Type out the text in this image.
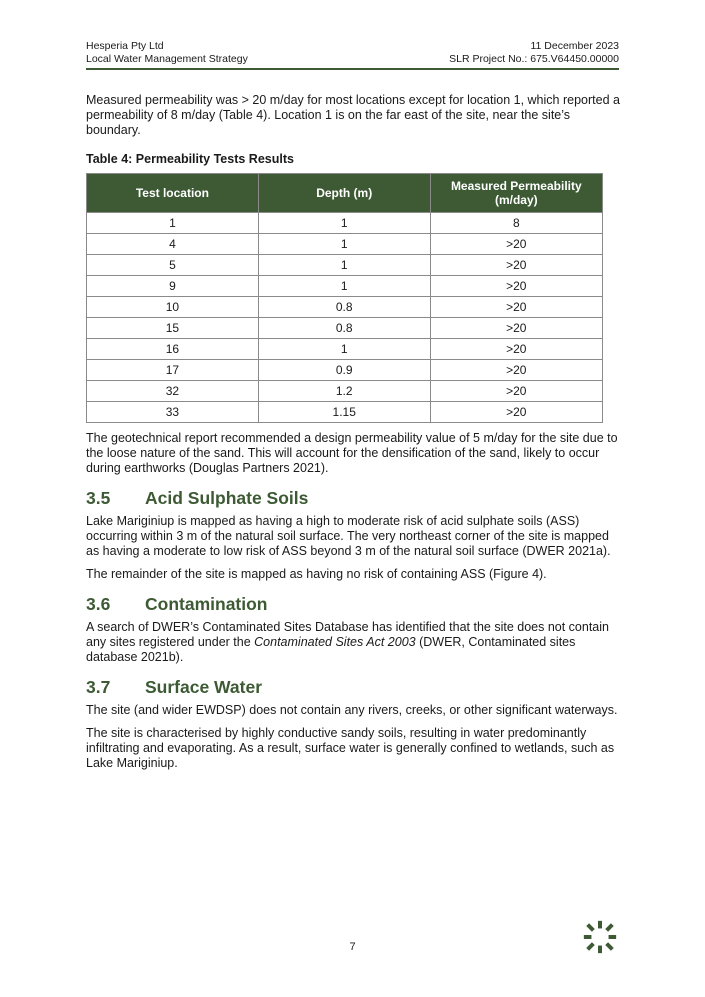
Hesperia Pty Ltd	11 December 2023
Local Water Management Strategy	SLR Project No.: 675.V64450.00000

Measured permeability was > 20 m/day for most locations except for location 1, which reported a permeability of 8 m/day (Table 4). Location 1 is on the far east of the site, near the site’s boundary.

Table 4: Permeability Tests Results
Test location	Depth (m)	Measured Permeability (m/day)
1	1	8
4	1	>20
5	1	>20
9	1	>20
10	0.8	>20
15	0.8	>20
16	1	>20
17	0.9	>20
32	1.2	>20
33	1.15	>20

The geotechnical report recommended a design permeability value of 5 m/day for the site due to the loose nature of the sand. This will account for the densification of the sand, likely to occur during earthworks (Douglas Partners 2021).

3.5	Acid Sulphate Soils

Lake Mariginiup is mapped as having a high to moderate risk of acid sulphate soils (ASS) occurring within 3 m of the natural soil surface. The very northeast corner of the site is mapped as having a moderate to low risk of ASS beyond 3 m of the natural soil surface (DWER 2021a).

The remainder of the site is mapped as having no risk of containing ASS (Figure 4).

3.6	Contamination

A search of DWER’s Contaminated Sites Database has identified that the site does not contain any sites registered under the Contaminated Sites Act 2003 (DWER, Contaminated sites database 2021b).

3.7	Surface Water

The site (and wider EWDSP) does not contain any rivers, creeks, or other significant waterways.

The site is characterised by highly conductive sandy soils, resulting in water predominantly infiltrating and evaporating. As a result, surface water is generally confined to wetlands, such as Lake Mariginiup.

7
